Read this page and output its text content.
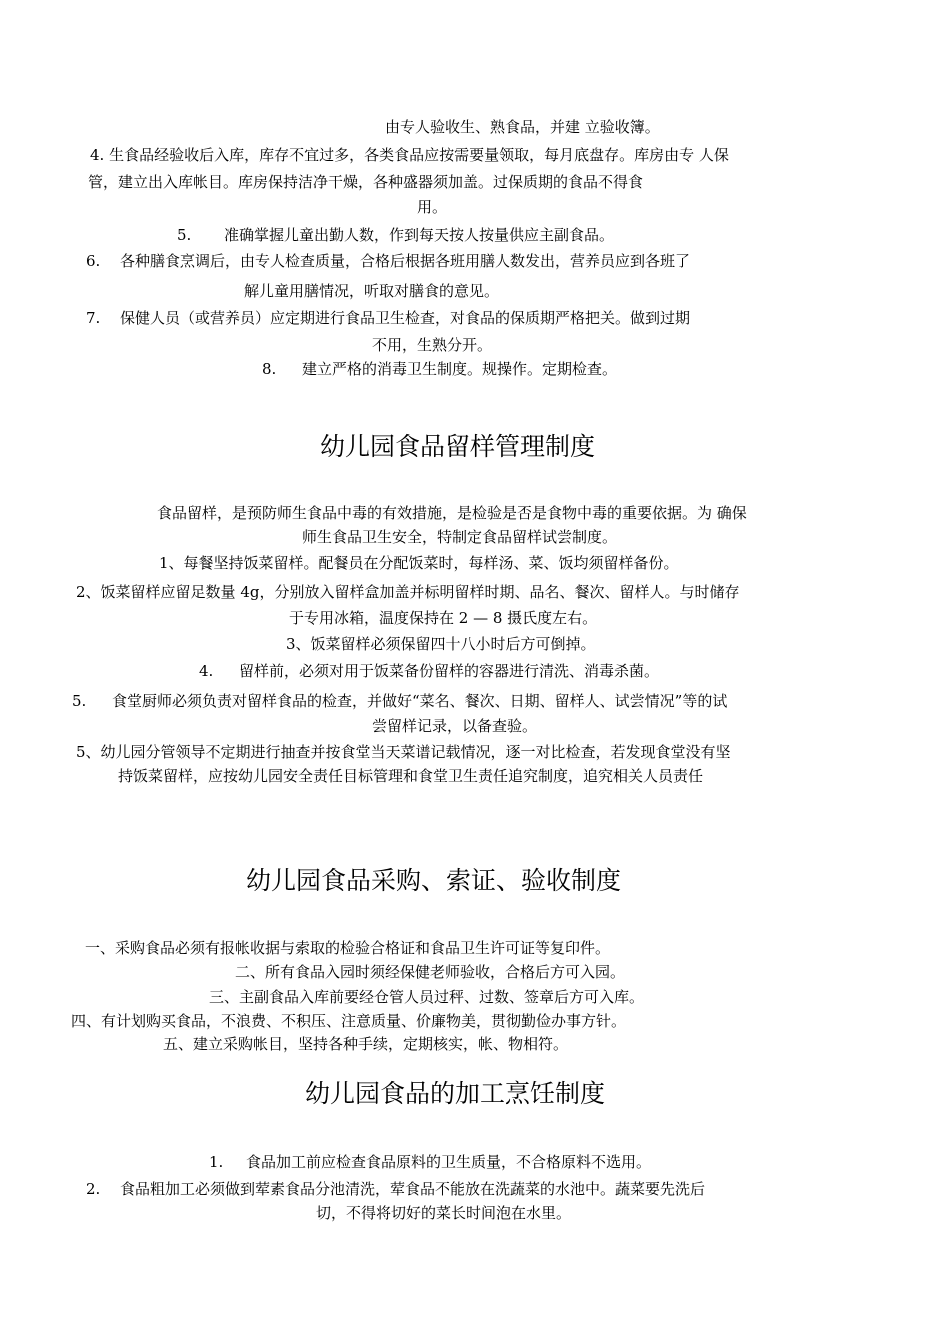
由专人验收生、熟食品，并建 立验收簿。
4. 生食品经验收后入库，库存不宜过多，各类食品应按需要量领取，每月底盘存。库房由专 人保
管，建立出入库帐目。库房保持洁净干燥，各种盛器须加盖。过保质期的食品不得食
用。
5. 准确掌握儿童出勤人数，作到每天按人按量供应主副食品。
6. 各种膳食烹调后，由专人检查质量，合格后根据各班用膳人数发出，营养员应到各班了
解儿童用膳情况，听取对膳食的意见。
7. 保健人员（或营养员）应定期进行食品卫生检查，对食品的保质期严格把关。做到过期
不用，生熟分开。
8. 建立严格的消毒卫生制度。规操作。定期检查。
幼儿园食品留样管理制度
食品留样，是预防师生食品中毒的有效措施，是检验是否是食物中毒的重要依据。为 确保
师生食品卫生安全，特制定食品留样试尝制度。
1、每餐坚持饭菜留样。配餐员在分配饭菜时，每样汤、菜、饭均须留样备份。
2、饭菜留样应留足数量 4g，分别放入留样盒加盖并标明留样时期、品名、餐次、留样人。与时储存
于专用冰箱，温度保持在 2 — 8 摄氏度左右。
3、饭菜留样必须保留四十八小时后方可倒掉。
4. 留样前，必须对用于饭菜备份留样的容器进行清洗、消毒杀菌。
5. 食堂厨师必须负责对留样食品的检查，并做好“菜名、餐次、日期、留样人、试尝情况”等的试
尝留样记录，以备查验。
5、幼儿园分管领导不定期进行抽查并按食堂当天菜谱记载情况，逐一对比检查，若发现食堂没有坚
持饭菜留样，应按幼儿园安全责任目标管理和食堂卫生责任追究制度，追究相关人员责任
幼儿园食品采购、索证、验收制度
一、采购食品必须有报帐收据与索取的检验合格证和食品卫生许可证等复印件。
二、所有食品入园时须经保健老师验收，合格后方可入园。
三、主副食品入库前要经仓管人员过秤、过数、签章后方可入库。
四、有计划购买食品，不浪费、不积压、注意质量、价廉物美，贯彻勤俭办事方针。
五、建立采购帐目，坚持各种手续，定期核实，帐、物相符。
幼儿园食品的加工烹饪制度
1. 食品加工前应检查食品原料的卫生质量，不合格原料不选用。
2. 食品粗加工必须做到荤素食品分池清洗，荤食品不能放在洗蔬菜的水池中。蔬菜要先洗后
切，不得将切好的菜长时间泡在水里。
